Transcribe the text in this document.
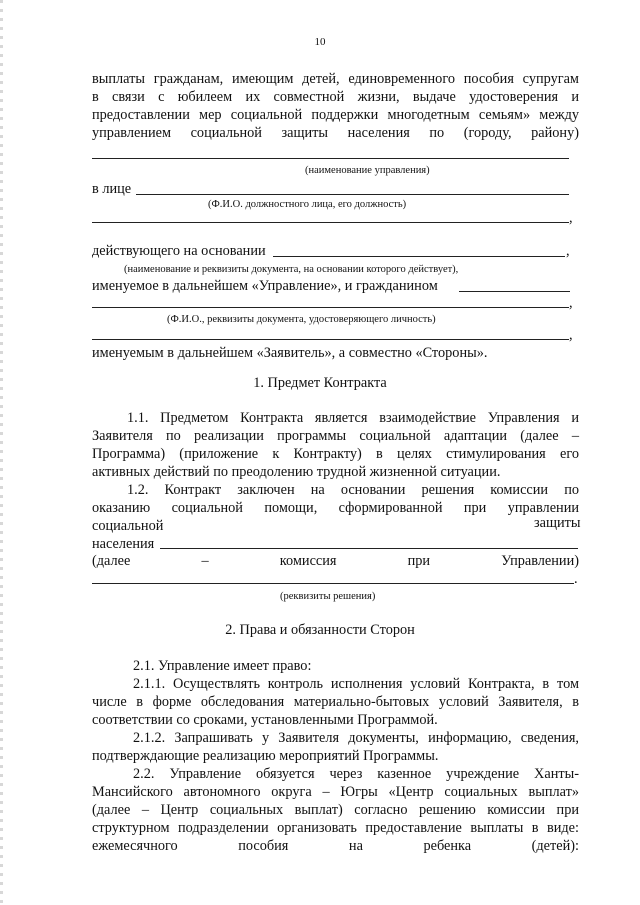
10
выплаты гражданам, имеющим детей, единовременного пособия супругам
в связи с юбилеем их совместной жизни, выдаче удостоверения и
предоставлении мер социальной поддержки многодетным семьям» между
управлением социальной защиты населения по (городу, району)
(наименование управления)
в лице
(Ф.И.О. должностного лица, его должность)
,
действующего на основании	,
(наименование и реквизиты документа, на основании которого действует),
именуемое в дальнейшем «Управление», и гражданином
,
(Ф.И.О., реквизиты документа, удостоверяющего личность)
,
именуемым в дальнейшем «Заявитель», а совместно «Стороны».
1. Предмет Контракта
1.1. Предметом Контракта является взаимодействие Управления и
Заявителя по реализации программы социальной адаптации (далее –
Программа) (приложение к Контракту) в целях стимулирования его
активных действий по преодолению трудной жизненной ситуации.
1.2. Контракт заключен на основании решения комиссии по
оказанию социальной помощи, сформированной при управлении
социальной	защиты
населения
(далее – комиссия при Управлении)
.
(реквизиты решения)
2. Права и обязанности Сторон
2.1. Управление имеет право:
2.1.1. Осуществлять контроль исполнения условий Контракта, в том
числе в форме обследования материально-бытовых условий Заявителя, в
соответствии со сроками, установленными Программой.
2.1.2. Запрашивать у Заявителя документы, информацию, сведения,
подтверждающие реализацию мероприятий Программы.
2.2. Управление обязуется через казенное учреждение Ханты-
Мансийского автономного округа – Югры «Центр социальных выплат»
(далее – Центр социальных выплат) согласно решению комиссии при
структурном подразделении организовать предоставление выплаты в виде:
ежемесячного пособия на ребенка (детей):
